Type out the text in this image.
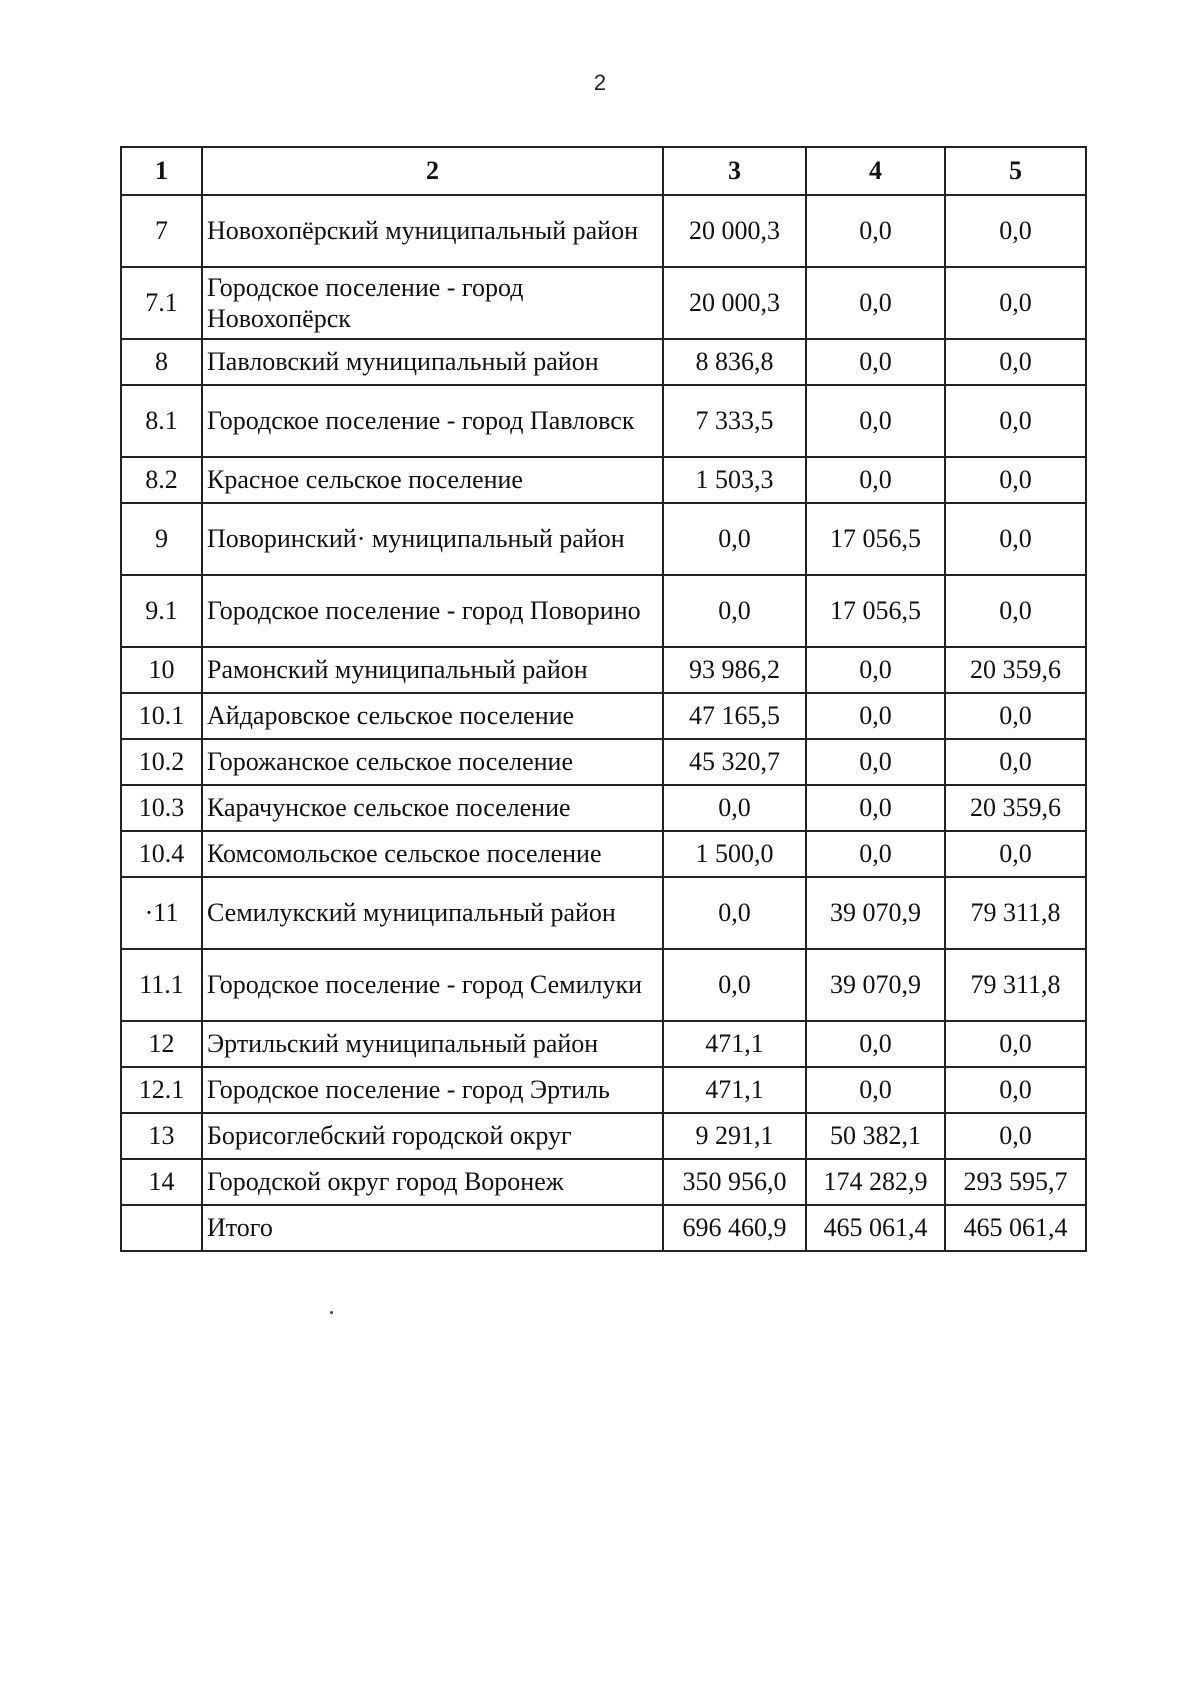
2
1	2	3	4	5
7	Новохопёрский муниципальный район	20 000,3	0,0	0,0
7.1	Городское поселение - город Новохопёрск	20 000,3	0,0	0,0
8	Павловский муниципальный район	8 836,8	0,0	0,0
8.1	Городское поселение - город Павловск	7 333,5	0,0	0,0
8.2	Красное сельское поселение	1 503,3	0,0	0,0
9	Поворинский· муниципальный район	0,0	17 056,5	0,0
9.1	Городское поселение - город Поворино	0,0	17 056,5	0,0
10	Рамонский муниципальный район	93 986,2	0,0	20 359,6
10.1	Айдаровское сельское поселение	47 165,5	0,0	0,0
10.2	Горожанское сельское поселение	45 320,7	0,0	0,0
10.3	Карачунское сельское поселение	0,0	0,0	20 359,6
10.4	Комсомольское сельское поселение	1 500,0	0,0	0,0
·11	Семилукский муниципальный район	0,0	39 070,9	79 311,8
11.1	Городское поселение - город Семилуки	0,0	39 070,9	79 311,8
12	Эртильский муниципальный район	471,1	0,0	0,0
12.1	Городское поселение - город Эртиль	471,1	0,0	0,0
13	Борисоглебский городской округ	9 291,1	50 382,1	0,0
14	Городской округ город Воронеж	350 956,0	174 282,9	293 595,7
	Итого	696 460,9	465 061,4	465 061,4
